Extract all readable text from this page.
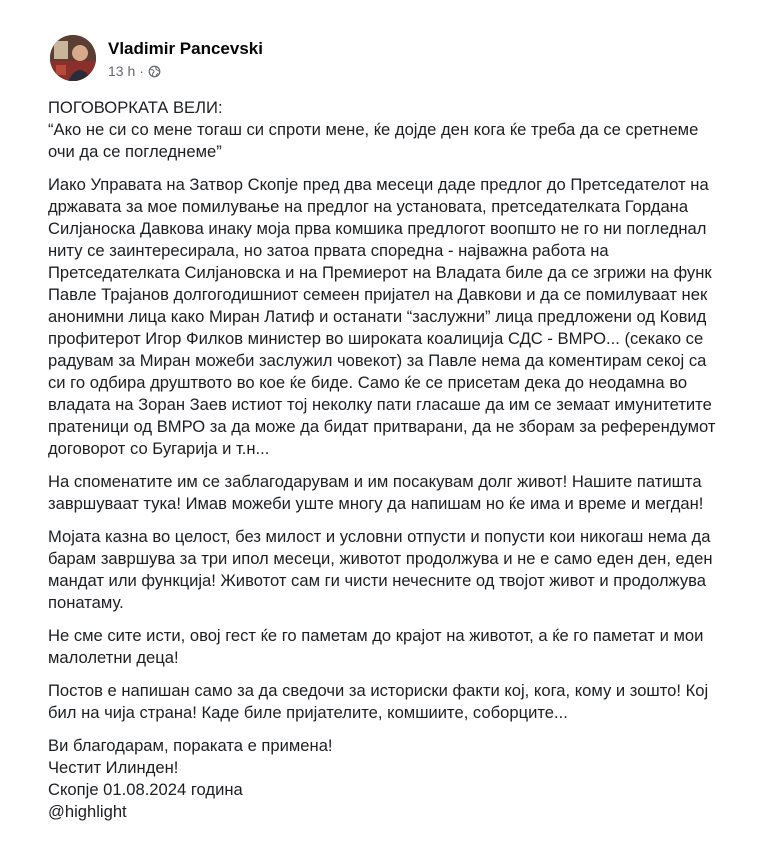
Vladimir Pancevski
13 h ·
ПОГОВОРКАТА ВЕЛИ:
“Ако не си со мене тогаш си спроти мене, ќе дојде ден кога ќе треба да се сретнеме
очи да се погледнеме”
Иако Управата на Затвор Скопје пред два месеци даде предлог до Претседателот на
државата за мое помилување на предлог на установата, претседателката Гордана
Силјаноска Давкова инаку моја прва комшика предлогот воопшто не го ни погледнал
ниту се заинтересирала, но затоа првата споредна - најважна работа на
Претседателката Силјановска и на Премиерот на Владата биле да се згрижи на функ
Павле Трајанов долгогодишниот семеен пријател на Давкови и да се помилуваат нек
анонимни лица како Миран Латиф и останати “заслужни” лица предложени од Ковид
профитерот Игор Филков министер во широката коалиција СДС - ВМРО... (секако се
радувам за Миран можеби заслужил човекот) за Павле нема да коментирам секој са
си го одбира друштвото во кое ќе биде. Само ќе се присетам дека до неодамна во
владата на Зоран Заев истиот тој неколку пати гласаше да им се земаат имунитетите
пратеници од ВМРО за да може да бидат притварани, да не зборам за референдумот
договорот со Бугарија и т.н...
На споменатите им се заблагодарувам и им посакувам долг живот! Нашите патишта
завршуваат тука! Имав можеби уште многу да напишам но ќе има и време и мегдан!
Мојата казна во целост, без милост и условни отпусти и попусти кои никогаш нема да
барам завршува за три ипол месеци, животот продолжува и не е само еден ден, еден
мандат или функција! Животот сам ги чисти нечесните од твојот живот и продолжува
понатаму.
Не сме сите исти, овој гест ќе го паметам до крајот на животот, а ќе го паметат и мои
малолетни деца!
Постов е напишан само за да сведочи за историски факти кој, кога, кому и зошто! Кој
бил на чија страна! Каде биле пријателите, комшиите, соборците...
Ви благодарам, пораката е примена!
Честит Илинден!
Скопје 01.08.2024 година
@highlight
